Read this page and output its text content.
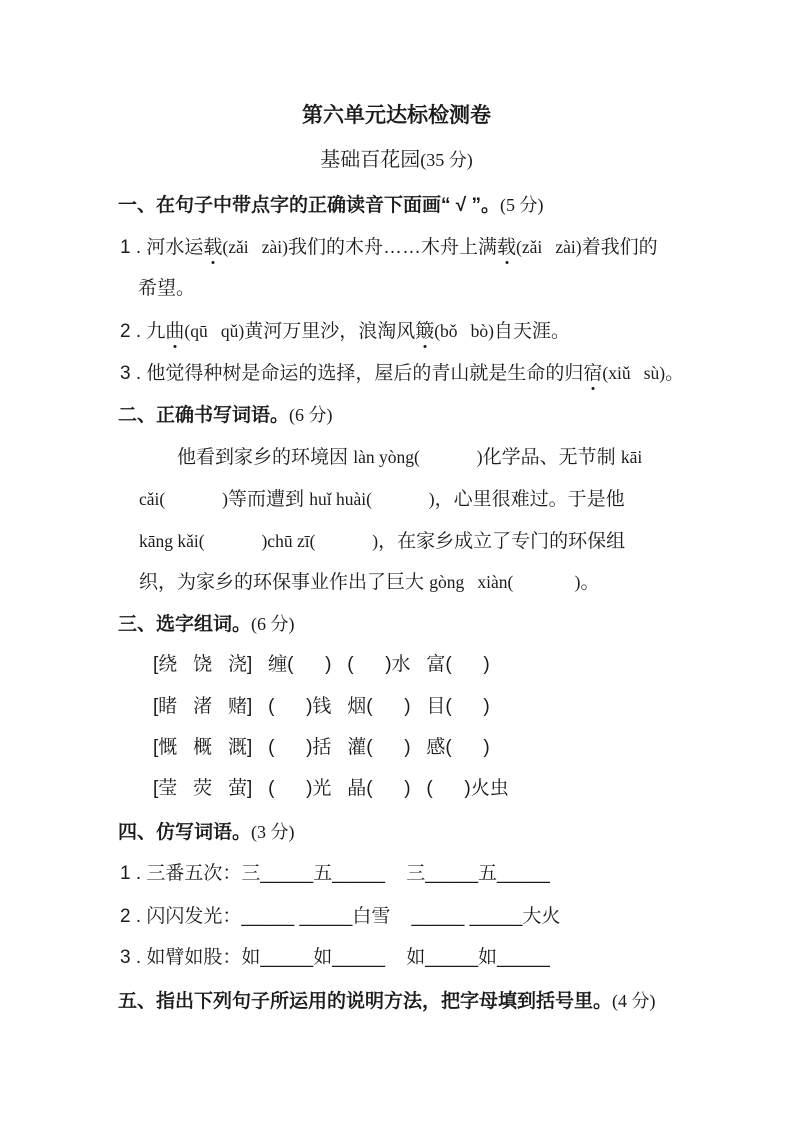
第六单元达标检测卷
基础百花园(35 分)
一、在句子中带点字的正确读音下面画“ √ ”。(5 分)
1 . 河水运载(zǎi   zài)我们的木舟……木舟上满载(zǎi   zài)着我们的
希望。
2 . 九曲(qū   qǔ)黄河万里沙，浪淘风簸(bǒ   bò)自天涯。
3 . 他觉得种树是命运的选择，屋后的青山就是生命的归宿(xiǔ   sù)。
二、正确书写词语。(6 分)
他看到家乡的环境因 làn yòng(             )化学品、无节制 kāi
cǎi(             )等而遭到 huǐ huài(             )，心里很难过。于是他
kāng kǎi(             )chū zī(             )，在家乡成立了专门的环保组
织，为家乡的环保事业作出了巨大 gòng   xiàn(              )。
三、选字组词。(6 分)
[绕   饶   浇]   缠(      )   (      )水   富(      )
[睹   渚   赌]   (      )钱   烟(      )   目(      )
[慨   概   溉]   (      )括   灌(      )   感(      )
[莹   荧   萤]   (      )光   晶(      )   (      )火虫
四、仿写词语。(3 分)
1 . 三番五次：三_____五_____    三_____五_____
2 . 闪闪发光：_____ _____白雪    _____ _____大火
3 . 如臂如股：如_____如_____    如_____如_____
五、指出下列句子所运用的说明方法，把字母填到括号里。(4 分)
